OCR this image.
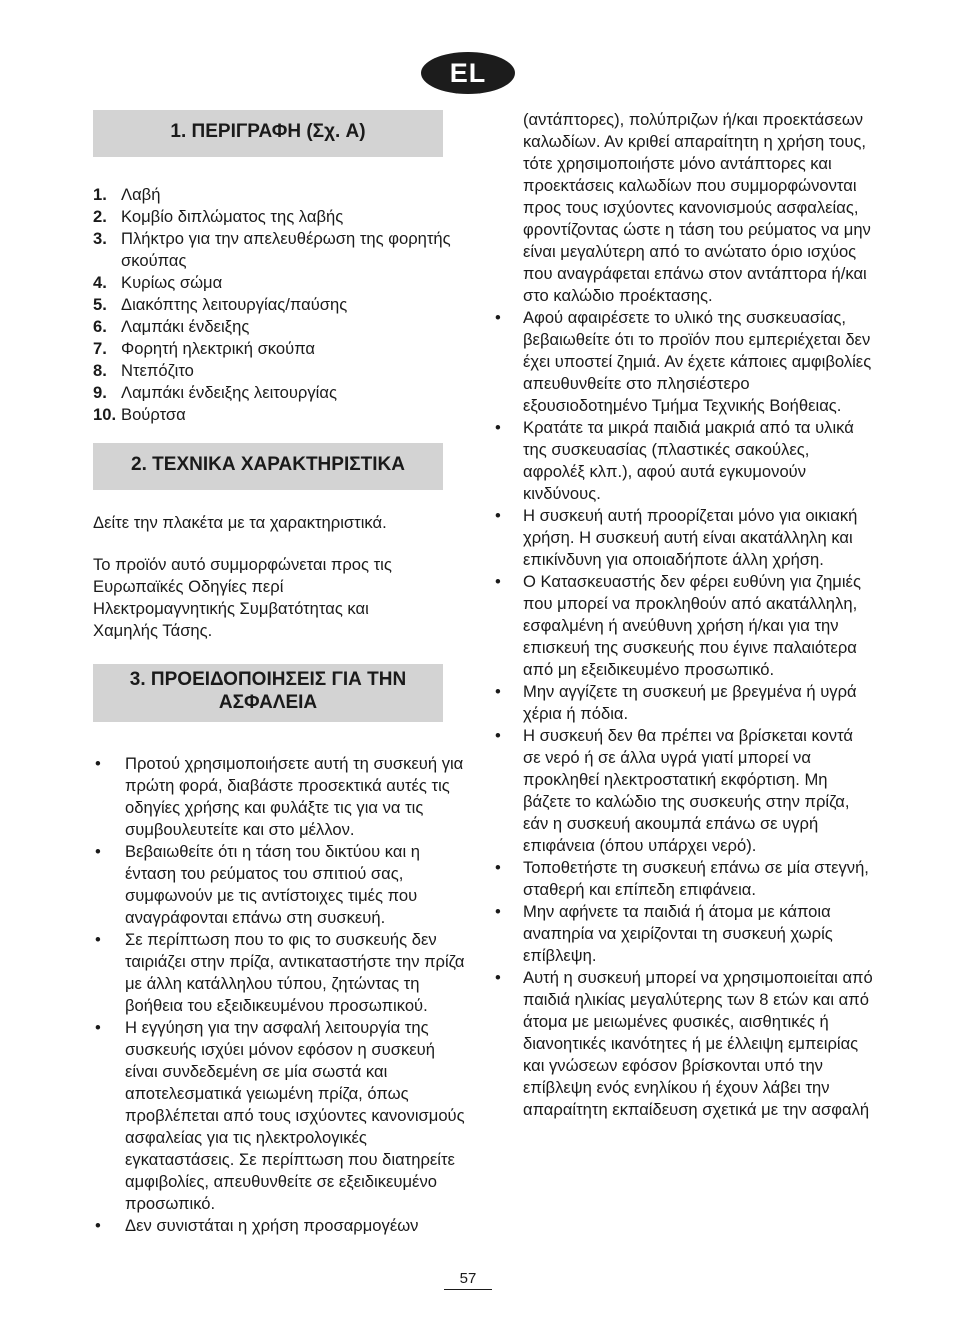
EL
1. ΠΕΡΙΓΡΑΦΗ (Σχ. A)
1. Λαβή
2. Κομβίο διπλώματος της λαβής
3. Πλήκτρο για την απελευθέρωση της φορητής σκούπας
4. Κυρίως σώμα
5. Διακόπτης λειτουργίας/παύσης
6. Λαμπάκι ένδειξης
7. Φορητή ηλεκτρική σκούπα
8. Ντεπόζιτο
9. Λαμπάκι ένδειξης λειτουργίας
10. Βούρτσα
2. ΤΕΧΝΙΚΑ ΧΑΡΑΚΤΗΡΙΣΤΙΚΑ

Δείτε την πλακέτα με τα χαρακτηριστικά.

Το προϊόν αυτό συμμορφώνεται προς τις Ευρωπαϊκές Οδηγίες περί Ηλεκτρομαγνητικής Συμβατότητας και Χαμηλής Τάσης.

3. ΠΡΟΕΙΔΟΠΟΙΗΣΕΙΣ ΓΙΑ ΤΗΝ
ΑΣΦΑΛΕΙΑ
•	Προτού χρησιμοποιήσετε αυτή τη συσκευή για πρώτη φορά, διαβάστε προσεκτικά αυτές τις οδηγίες χρήσης και φυλάξτε τις για να τις συμβουλευτείτε και στο μέλλον.
•	Βεβαιωθείτε ότι η τάση του δικτύου και η ένταση του ρεύματος του σπιτιού σας, συμφωνούν με τις αντίστοιχες τιμές που αναγράφονται επάνω στη συσκευή.
•	Σε περίπτωση που το φις το συσκευής δεν ταιριάζει στην πρίζα, αντικαταστήστε την πρίζα με άλλη κατάλληλου τύπου, ζητώντας τη βοήθεια του εξειδικευμένου προσωπικού.
•	Η εγγύηση για την ασφαλή λειτουργία της συσκευής ισχύει μόνον εφόσον η συσκευή είναι συνδεδεμένη σε μία σωστά και αποτελεσματικά γειωμένη πρίζα, όπως προβλέπεται από τους ισχύοντες κανονισμούς ασφαλείας για τις ηλεκτρολογικές εγκαταστάσεις. Σε περίπτωση που διατηρείτε αμφιβολίες, απευθυνθείτε σε εξειδικευμένο προσωπικό.
•	Δεν συνιστάται η χρήση προσαρμογέων

(αντάπτορες), πολύπριζων ή/και προεκτάσεων καλωδίων. Αν κριθεί απαραίτητη η χρήση τους, τότε χρησιμοποιήστε μόνο αντάπτορες και προεκτάσεις καλωδίων που συμμορφώνονται προς τους ισχύοντες κανονισμούς ασφαλείας, φροντίζοντας ώστε η τάση του ρεύματος να μην είναι μεγαλύτερη από το ανώτατο όριο ισχύος που αναγράφεται επάνω στον αντάπτορα ή/και στο καλώδιο προέκτασης.

•	Αφού αφαιρέσετε το υλικό της συσκευασίας, βεβαιωθείτε ότι το προϊόν που εμπεριέχεται δεν έχει υποστεί ζημιά. Αν έχετε κάποιες αμφιβολίες απευθυνθείτε στο πλησιέστερο εξουσιοδοτημένο Τμήμα Τεχνικής Βοήθειας.
•	Κρατάτε τα μικρά παιδιά μακριά από τα υλικά της συσκευασίας (πλαστικές σακούλες, αφρολέξ κλπ.), αφού αυτά εγκυμονούν κινδύνους.
•	Η συσκευή αυτή προορίζεται μόνο για οικιακή χρήση. Η συσκευή αυτή είναι ακατάλληλη και επικίνδυνη για οποιαδήποτε άλλη χρήση.
•	Ο Κατασκευαστής δεν φέρει ευθύνη για ζημιές που μπορεί να προκληθούν από ακατάλληλη, εσφαλμένη ή ανεύθυνη χρήση ή/και για την επισκευή της συσκευής που έγινε παλαιότερα από μη εξειδικευμένο προσωπικό.
•	Μην αγγίζετε τη συσκευή με βρεγμένα ή υγρά χέρια ή πόδια.
•	Η συσκευή δεν θα πρέπει να βρίσκεται κοντά σε νερό ή σε άλλα υγρά γιατί μπορεί να προκληθεί ηλεκτροστατική εκφόρτιση. Μη βάζετε το καλώδιο της συσκευής στην πρίζα, εάν η συσκευή ακουμπά επάνω σε υγρή επιφάνεια (όπου υπάρχει νερό).
•	Τοποθετήστε τη συσκευή επάνω σε μία στεγνή, σταθερή και επίπεδη επιφάνεια.
•	Μην αφήνετε τα παιδιά ή άτομα με κάποια αναπηρία να χειρίζονται τη συσκευή χωρίς επίβλεψη.
•	Αυτή η συσκευή μπορεί να χρησιμοποιείται από παιδιά ηλικίας μεγαλύτερης των 8 ετών και από άτομα με μειωμένες φυσικές, αισθητικές ή διανοητικές ικανότητες ή με έλλειψη εμπειρίας και γνώσεων εφόσον βρίσκονται υπό την επίβλεψη ενός ενηλίκου ή έχουν λάβει την απαραίτητη εκπαίδευση σχετικά με την ασφαλή
57
